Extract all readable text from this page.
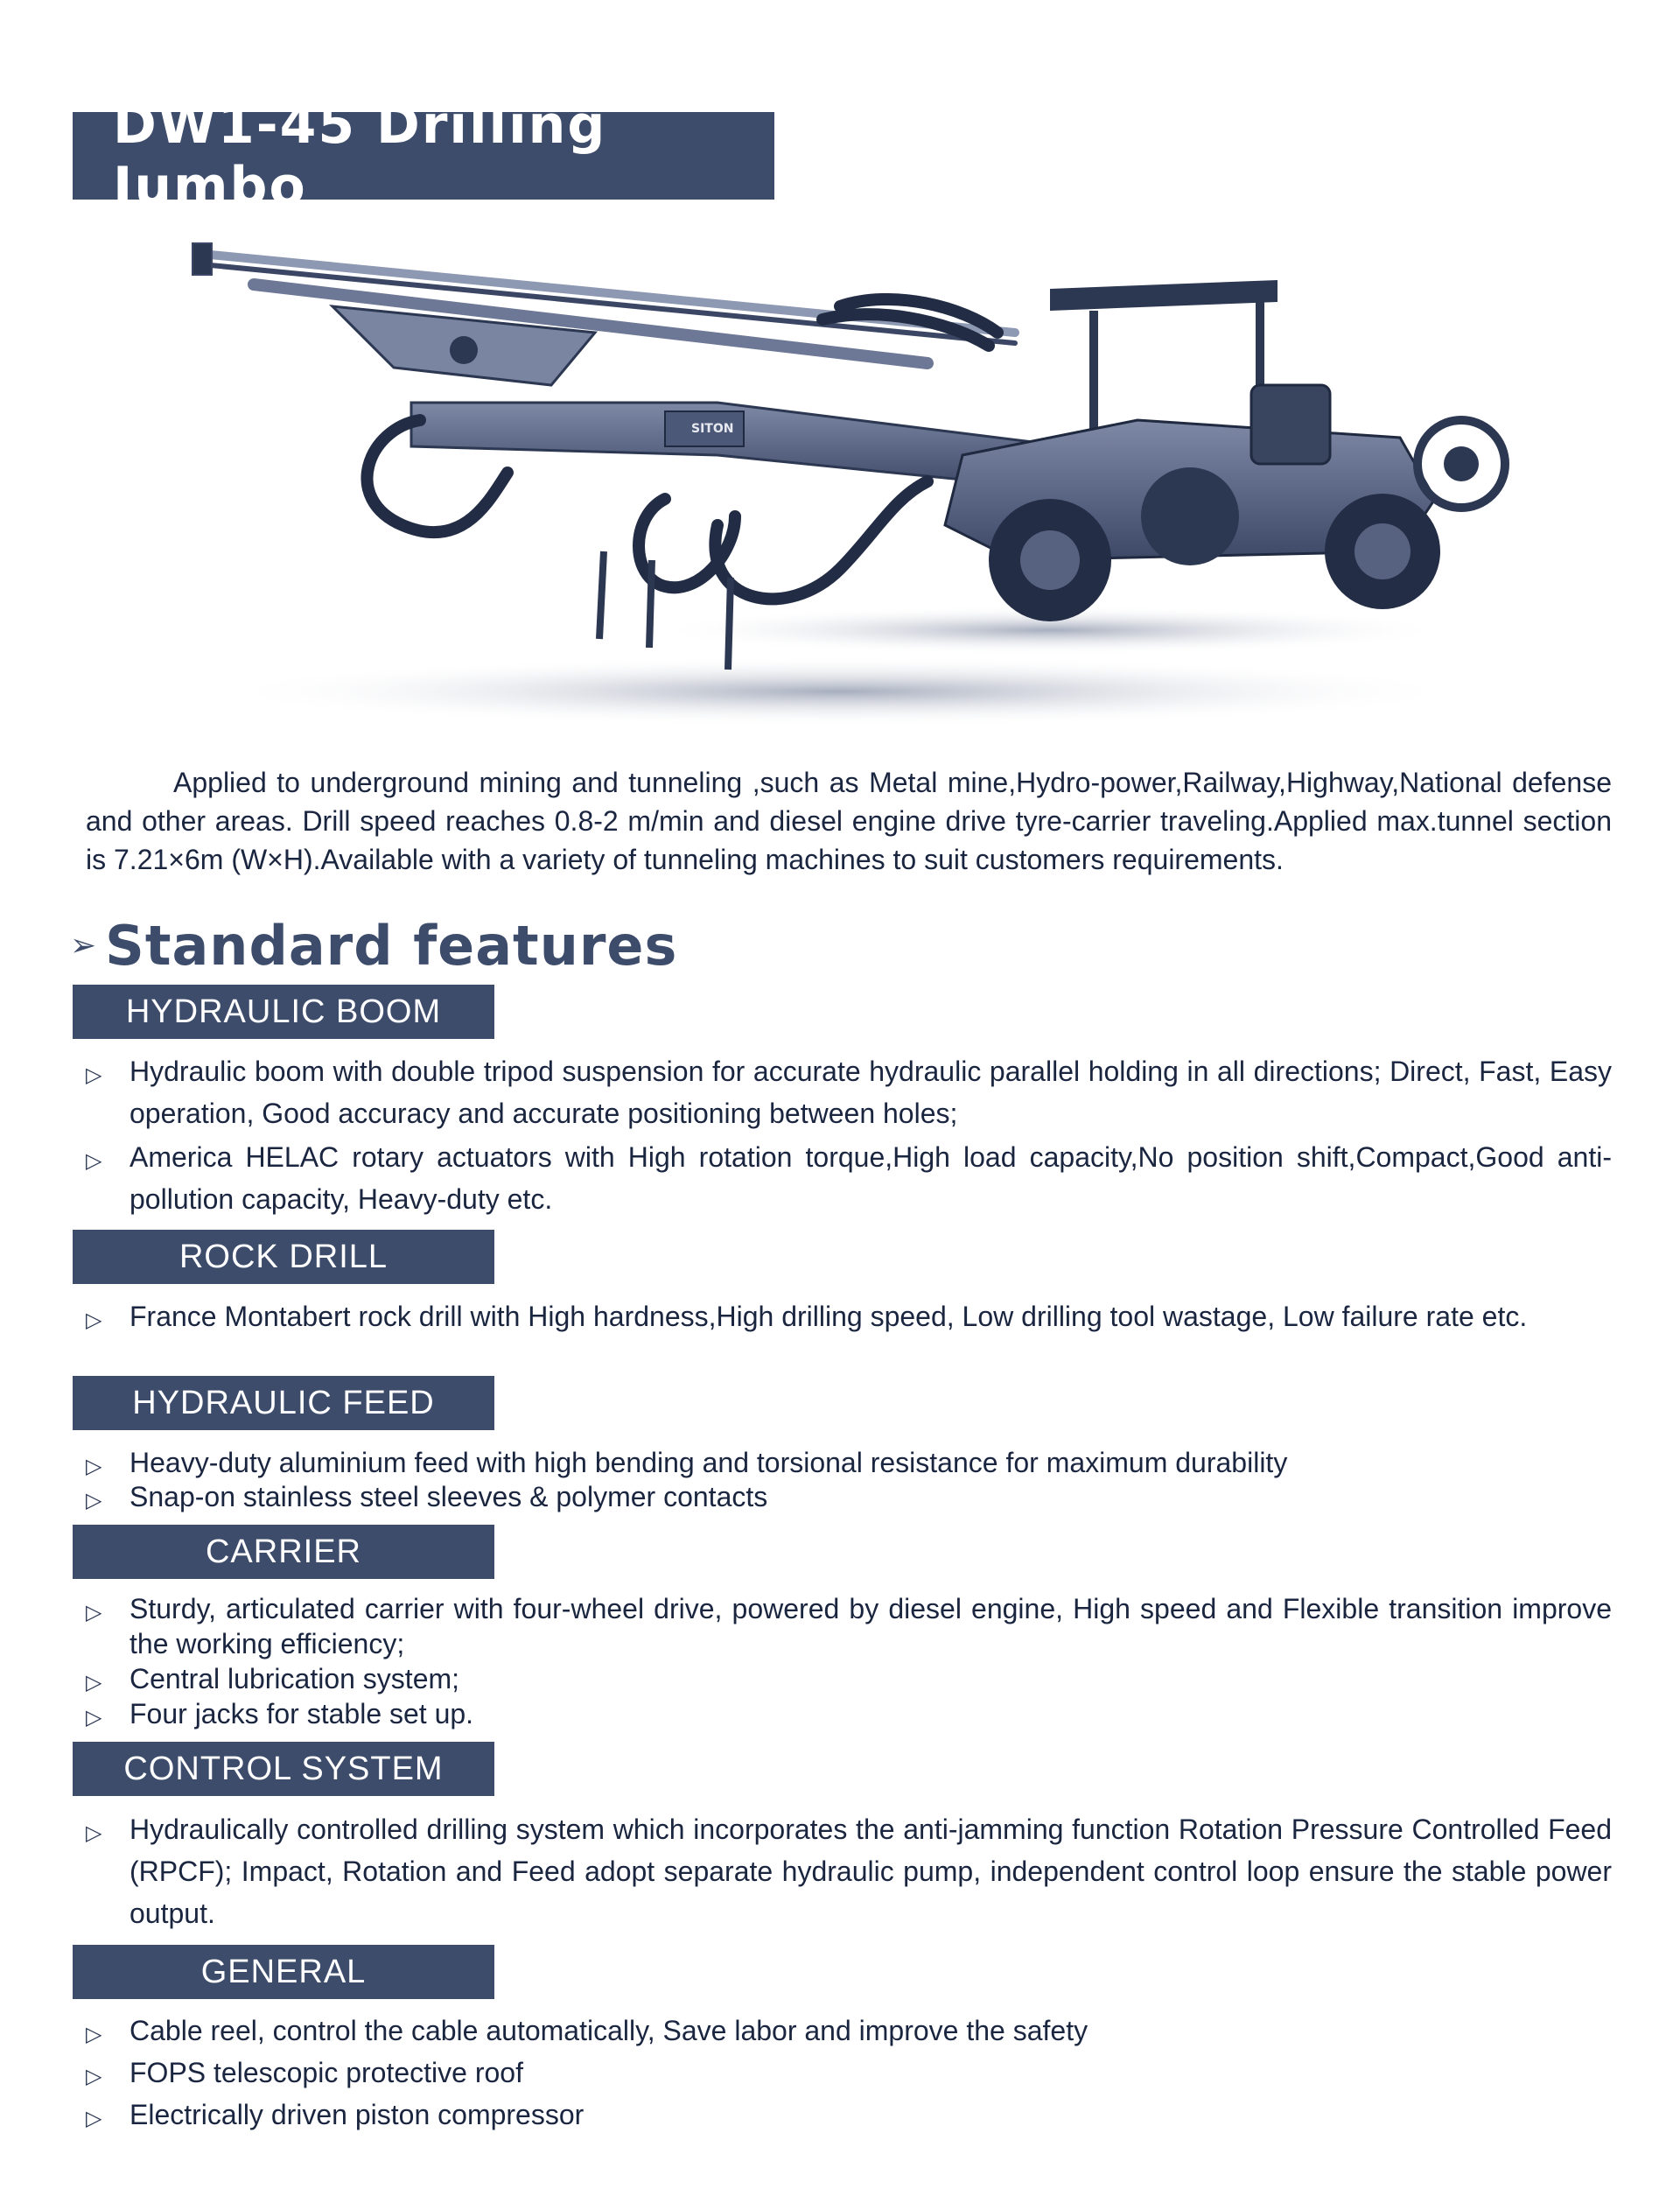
DW1-45 Drilling Jumbo
SITON
Applied to underground mining and tunneling ,such as Metal mine,Hydro-power,Railway,Highway,National defense and other areas. Drill speed reaches 0.8-2 m/min and diesel engine drive tyre-carrier traveling.Applied max.tunnel section is 7.21×6m (W×H).Available with a variety of tunneling machines to suit customers requirements.
➢ Standard features
HYDRAULIC BOOM
▷ Hydraulic boom with double tripod suspension for accurate hydraulic parallel holding in all directions; Direct, Fast, Easy operation, Good accuracy and accurate positioning between holes;
▷ America HELAC rotary actuators with High rotation torque,High load capacity,No position shift,Compact,Good anti-pollution capacity, Heavy-duty etc.
ROCK DRILL
▷ France Montabert rock drill with High hardness,High drilling speed, Low drilling tool wastage, Low failure rate etc.
HYDRAULIC FEED
▷ Heavy-duty aluminium feed with high bending and torsional resistance for maximum durability
▷ Snap-on stainless steel sleeves & polymer contacts
CARRIER
▷ Sturdy, articulated carrier with four-wheel drive, powered by diesel engine, High speed and Flexible transition improve the working efficiency;
▷ Central lubrication system;
▷ Four jacks for stable set up.
CONTROL SYSTEM
▷ Hydraulically controlled drilling system which incorporates the anti-jamming function Rotation Pressure Controlled Feed (RPCF); Impact, Rotation and Feed adopt separate hydraulic pump, independent control loop ensure the stable power output.
GENERAL
▷ Cable reel, control the cable automatically, Save labor and improve the safety
▷ FOPS telescopic protective roof
▷ Electrically driven piston compressor
